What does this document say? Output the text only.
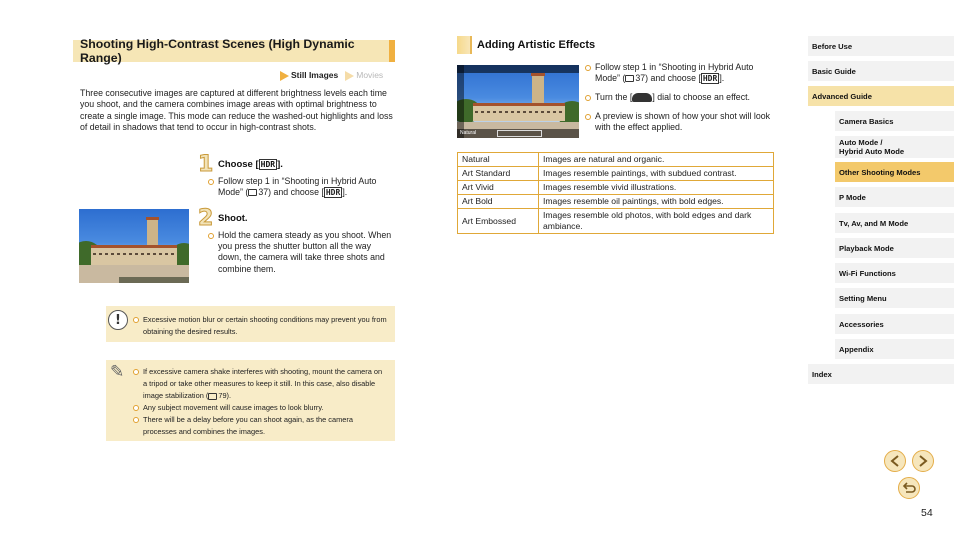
Shooting High-Contrast Scenes (High Dynamic Range)
Still Images	Movies

Three consecutive images are captured at different brightness levels each time you shoot, and the camera combines image areas with optimal brightness to create a single image. This mode can reduce the washed-out highlights and loss of detail in shadows that tend to occur in high-contrast shots.

1 Choose [ HDR ].
Follow step 1 in “Shooting in Hybrid Auto Mode” ( 37) and choose [ HDR ].
2 Shoot.
Hold the camera steady as you shoot. When you press the shutter button all the way down, the camera will take three shots and combine them.
!	Excessive motion blur or certain shooting conditions may prevent you from obtaining the desired results.
✎	If excessive camera shake interferes with shooting, mount the camera on a tripod or take other measures to keep it still. In this case, also disable image stabilization ( 79).
Any subject movement will cause images to look blurry.
There will be a delay before you can shoot again, as the camera processes and combines the images.
Adding Artistic Effects
Natural
Follow step 1 in “Shooting in Hybrid Auto Mode” ( 37) and choose [ HDR ].
Turn the [ ] dial to choose an effect.
A preview is shown of how your shot will look with the effect applied.
Natural	Images are natural and organic.
Art Standard	Images resemble paintings, with subdued contrast.
Art Vivid	Images resemble vivid illustrations.
Art Bold	Images resemble oil paintings, with bold edges.
Art Embossed	Images resemble old photos, with bold edges and dark ambiance.
Before Use
Basic Guide
Advanced Guide
Camera Basics
Auto Mode /
Hybrid Auto Mode
Other Shooting Modes
P Mode
Tv, Av, and M Mode
Playback Mode
Wi-Fi Functions
Setting Menu
Accessories
Appendix
Index
54
